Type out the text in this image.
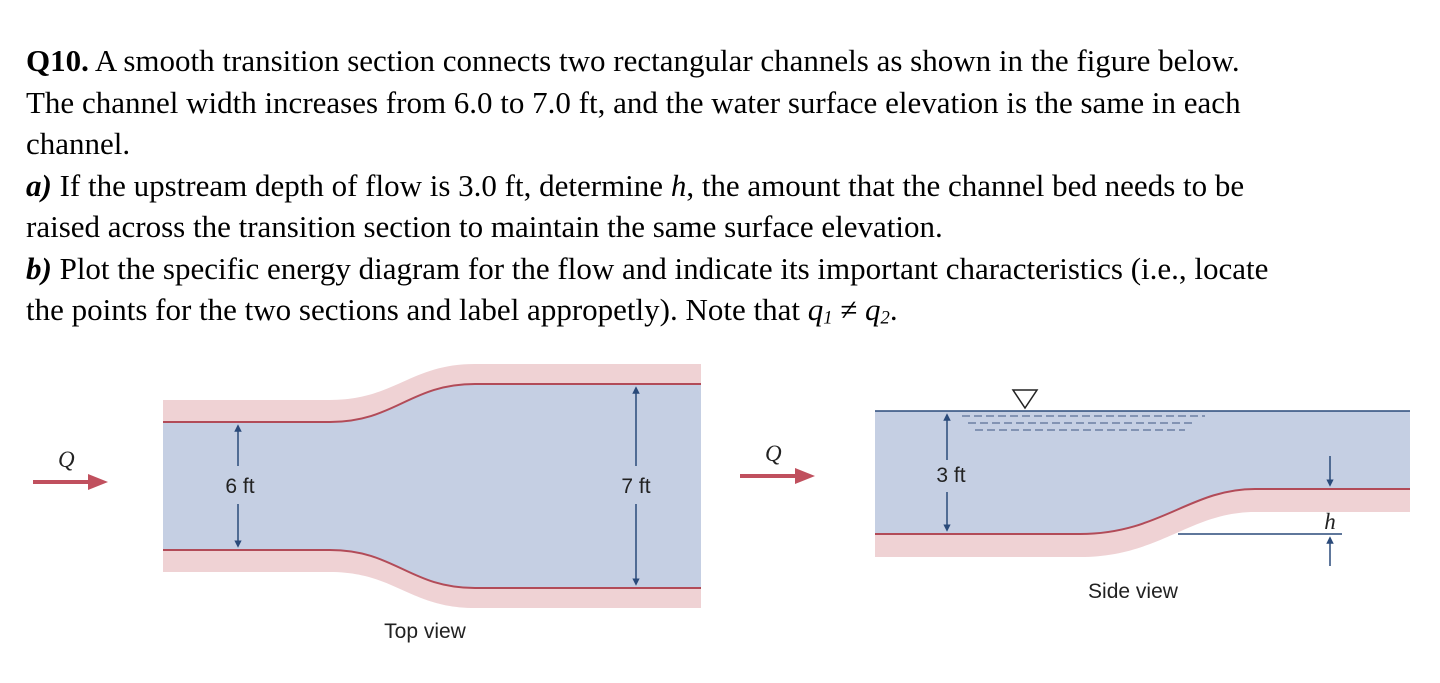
Q10. A smooth transition section connects two rectangular channels as shown in the figure below.

The channel width increases from 6.0 to 7.0 ft, and the water surface elevation is the same in each

channel.

a) If the upstream depth of flow is 3.0 ft, determine h, the amount that the channel bed needs to be

raised across the transition section to maintain the same surface elevation.

b) Plot the specific energy diagram for the flow and indicate its important characteristics (i.e., locate

the points for the two sections and label appropetly). Note that $q_1 \ne q_2$.

Q
6 ft	7 ft
Top view
Q
3 ft
h
Side view
